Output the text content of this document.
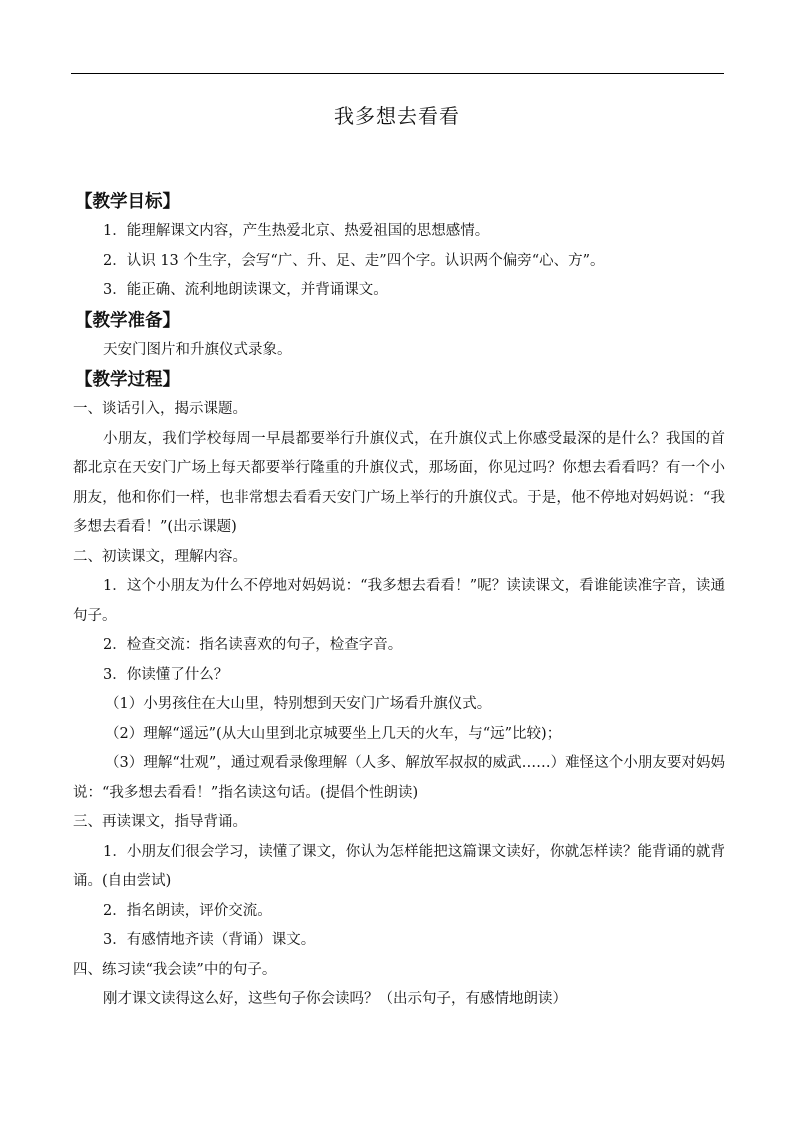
我多想去看看
【教学目标】
1．能理解课文内容，产生热爱北京、热爱祖国的思想感情。
2．认识 13 个生字，会写“广、升、足、走”四个字。认识两个偏旁“心、方”。
3．能正确、流利地朗读课文，并背诵课文。
【教学准备】
天安门图片和升旗仪式录象。
【教学过程】
一、谈话引入，揭示课题。
小朋友，我们学校每周一早晨都要举行升旗仪式，在升旗仪式上你感受最深的是什么？我国的首都北京在天安门广场上每天都要举行隆重的升旗仪式，那场面，你见过吗？你想去看看吗？有一个小朋友，他和你们一样，也非常想去看看天安门广场上举行的升旗仪式。于是，他不停地对妈妈说：“我多想去看看！”(出示课题)
二、初读课文，理解内容。
1．这个小朋友为什么不停地对妈妈说：“我多想去看看！”呢？读读课文，看谁能读准字音，读通句子。
2．检查交流：指名读喜欢的句子，检查字音。
3．你读懂了什么？
（1）小男孩住在大山里，特别想到天安门广场看升旗仪式。
（2）理解“遥远”(从大山里到北京城要坐上几天的火车，与“远”比较)；
（3）理解“壮观”，通过观看录像理解（人多、解放军叔叔的威武……）难怪这个小朋友要对妈妈说：“我多想去看看！”指名读这句话。(提倡个性朗读)
三、再读课文，指导背诵。
1．小朋友们很会学习，读懂了课文，你认为怎样能把这篇课文读好，你就怎样读？能背诵的就背诵。(自由尝试)
2．指名朗读，评价交流。
3．有感情地齐读（背诵）课文。
四、练习读“我会读”中的句子。
刚才课文读得这么好，这些句子你会读吗？（出示句子，有感情地朗读）
